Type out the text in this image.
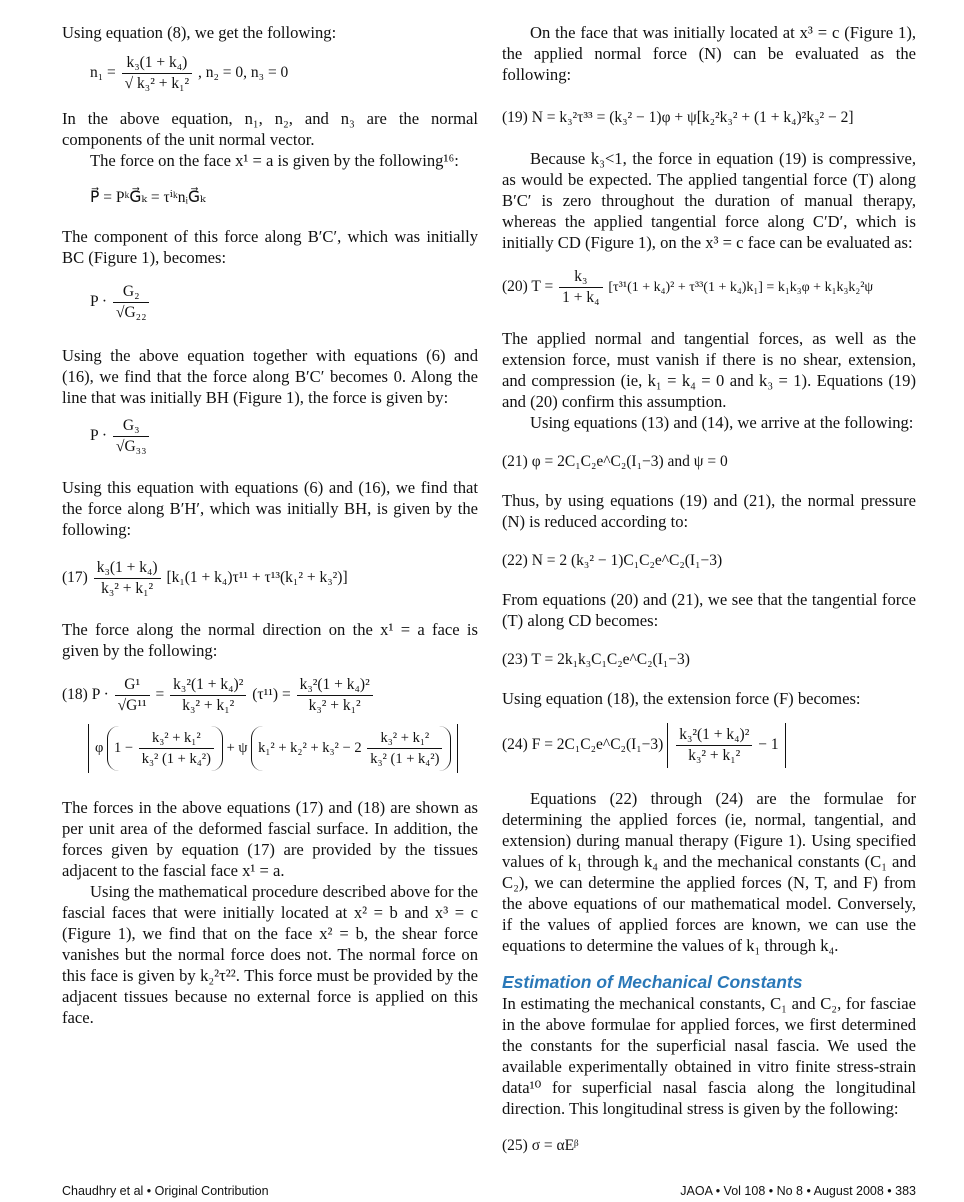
Using equation (8), we get the following:

$n_1 = \frac{\text{k₃(1 + k₄)}}{\text{√ k₃² + k₁²}}$ , n₂ = 0, n₃ = 0

In the above equation, n₁, n₂, and n₃ are the normal components of the unit normal vector.

The force on the face x¹ = a is given by the following¹⁶:

P⃗ = PᵏG⃗ₖ = τⁱᵏnᵢG⃗ₖ

The component of this force along B′C′, which was initially BC (Figure 1), becomes:

$P \cdot \frac{\text{G₂}}{\text{√G₂₂}}$

Using the above equation together with equations (6) and (16), we find that the force along B′C′ becomes 0. Along the line that was initially BH (Figure 1), the force is given by:

$P \cdot \frac{\text{G₃}}{\text{√G₃₃}}$

Using this equation with equations (6) and (16), we find that the force along B′H′, which was initially BH, is given by the following:

$(17) \frac{\text{k₃(1 + k₄)}}{\text{k₃² + k₁²}} [k_1(1 + k_4)\tau^{11} + \tau^{13}(k_1^2 + k_3^2)]$

The force along the normal direction on the x¹ = a face is given by the following:

(18) $P \cdot \frac{\text{G¹}}{\text{√G¹¹}} = \frac{\text{k₃²(1 + k₄)²}}{\text{k₃² + k₁²}} (\tau^{11}) = \frac{\text{k₃²(1 + k₄)²}}{\text{k₃² + k₁²}}$
φ $1 - \frac{\text{k₃² + k₁²}}{\text{k₃² (1 + k₄²)}} + \psi$ $k_1^2 + k_2^2 + k_3^2 - 2 \frac{\text{k₃² + k₁²}}{\text{k₃² (1 + k₄²)}}$

The forces in the above equations (17) and (18) are shown as per unit area of the deformed fascial surface. In addition, the forces given by equation (17) are provided by the tissues adjacent to the fascial face x¹ = a.

Using the mathematical procedure described above for the fascial faces that were initially located at x² = b and x³ = c (Figure 1), we find that on the face x² = b, the shear force vanishes but the normal force does not. The normal force on this face is given by k₂²τ²². This force must be provided by the adjacent tissues because no external force is applied on this face.

On the face that was initially located at x³ = c (Figure 1), the applied normal force (N) can be evaluated as the following:

(19) N = k₃²τ³³ = (k₃² − 1)φ + ψ[k₂²k₃² + (1 + k₄)²k₃² − 2]

Because k₃<1, the force in equation (19) is compressive, as would be expected. The applied tangential force (T) along B′C′ is zero throughout the duration of manual therapy, whereas the applied tangential force along C′D′, which is initially CD (Figure 1), on the x³ = c face can be evaluated as:

(20) $T = \frac{\text{k₃}}{\text{1 + k₄}} [\tau^{31}(1 + k_4)^2 + \tau^{33}(1 + k_4)k_1] = k_1k_3\varphi + k_1k_3k_2^2\psi$

The applied normal and tangential forces, as well as the extension force, must vanish if there is no shear, extension, and compression (ie, k₁ = k₄ = 0 and k₃ = 1). Equations (19) and (20) confirm this assumption.

Using equations (13) and (14), we arrive at the following:

(21) φ = 2C₁C₂e^C₂(I₁−3) and ψ = 0

Thus, by using equations (19) and (21), the normal pressure (N) is reduced according to:

(22) N = 2 (k₃² − 1)C₁C₂e^C₂(I₁−3)

From equations (20) and (21), we see that the tangential force (T) along CD becomes:

(23) T = 2k₁k₃C₁C₂e^C₂(I₁−3)

Using equation (18), the extension force (F) becomes:

(24) F = 2C₁C₂e^C₂(I₁−3) $\frac{\text{k₃²(1 + k₄)²}}{\text{k₃² + k₁²}} - 1$

Equations (22) through (24) are the formulae for determining the applied forces (ie, normal, tangential, and extension) during manual therapy (Figure 1). Using specified values of k₁ through k₄ and the mechanical constants (C₁ and C₂), we can determine the applied forces (N, T, and F) from the above equations of our mathematical model. Conversely, if the values of applied forces are known, we can use the equations to determine the values of k₁ through k₄.

Estimation of Mechanical Constants

In estimating the mechanical constants, C₁ and C₂, for fasciae in the above formulae for applied forces, we first determined the constants for the superficial nasal fascia. We used the available experimentally obtained in vitro finite stress-strain data¹⁰ for superficial nasal fascia along the longitudinal direction. This longitudinal stress is given by the following:

(25) σ = αEᵝ
Chaudhry et al • Original Contribution	JAOA • Vol 108 • No 8 • August 2008 • 383
